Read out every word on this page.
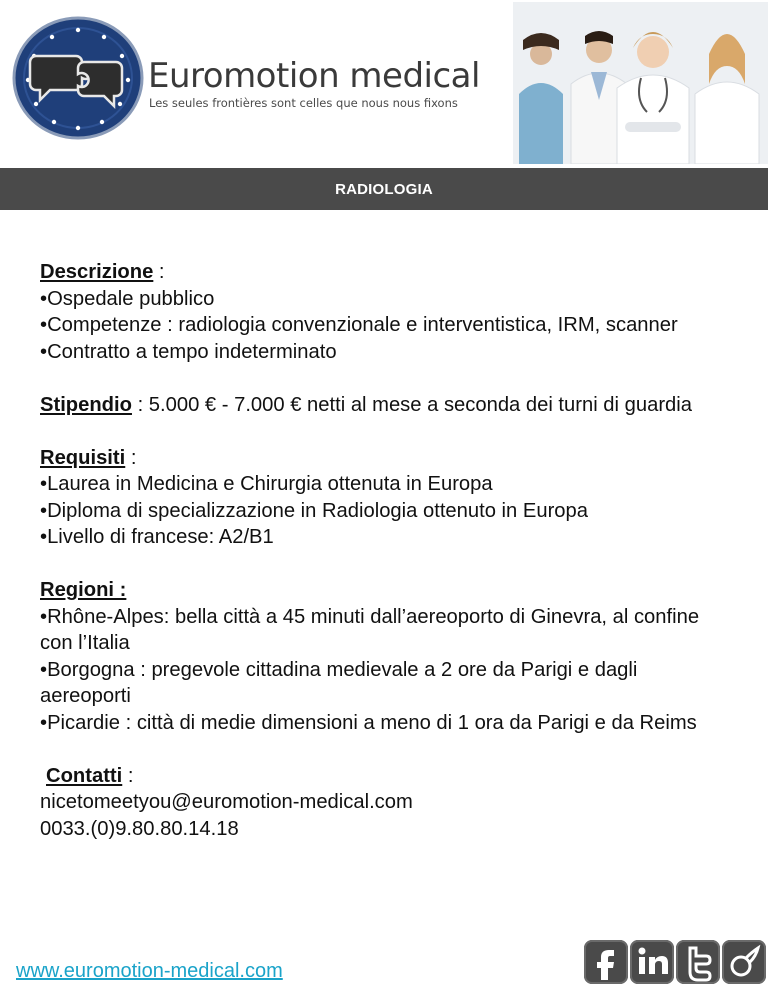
Euromotion medical
Les seules frontières sont celles que nous nous fixons
RADIOLOGIA

Descrizione :

•Ospedale pubblico

•Competenze : radiologia convenzionale e interventistica, IRM, scanner

•Contratto a tempo indeterminato

Stipendio : 5.000 € - 7.000 € netti al mese a seconda dei turni di guardia

Requisiti :

•Laurea in Medicina e Chirurgia ottenuta in Europa

•Diploma di specializzazione in Radiologia ottenuto in Europa

•Livello di francese: A2/B1

Regioni :

•Rhône-Alpes: bella città a 45 minuti dall’aereoporto di Ginevra, al confine con l’Italia

•Borgogna : pregevole cittadina medievale a 2 ore da Parigi e dagli aereoporti

•Picardie : città di medie dimensioni a meno di 1 ora da Parigi e da Reims

Contatti :

nicetomeetyou@euromotion-medical.com

0033.(0)9.80.80.14.18

www.euromotion-medical.com
